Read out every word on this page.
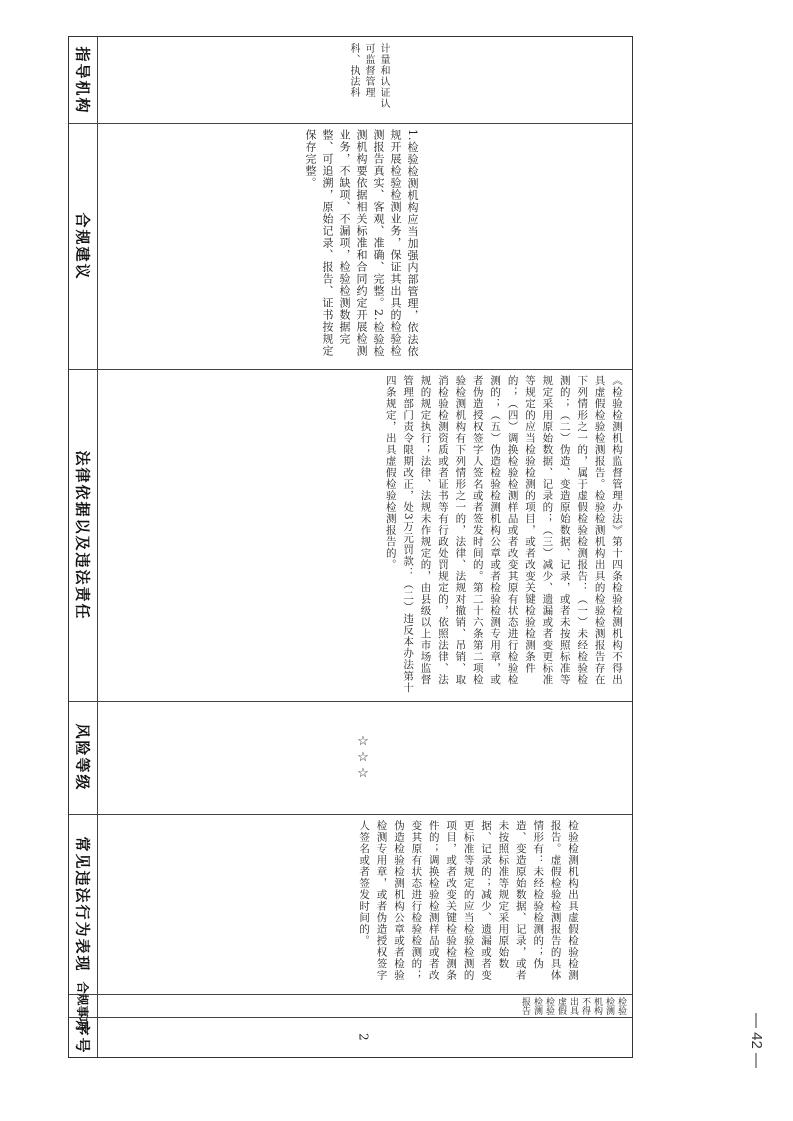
指导机构
合规建议
法律依据以及违法责任
风险等级
常见违法行为表现
合规事项
序号
计量和认证认可监督管理科、执法科
1.检验检测机构应当加强内部管理，依法依规开展检验检测业务，保证其出具的检验检测报告真实、客观、准确、完整。2.检验检测机构要依据相关标准和合同约定开展检测业务，不缺项、不漏项，检验检测数据完整、可追溯，原始记录、报告、证书按规定保存完整。
《检验检测机构监督管理办法》第十四条检验检测机构不得出具虚假检验检测报告。检验检测机构出具的检验检测报告存在下列情形之一的，属于虚假检验检测报告：（一）未经检验检测的；（二）伪造、变造原始数据、记录，或者未按照标准等规定采用原始数据、记录的；（三）减少、遗漏或者变更标准等规定的应当检验检测的项目，或者改变关键检验检测条件的；（四）调换检验检测样品或者改变其原有状态进行检验检测的；（五）伪造检验检测机构公章或者检验检测专用章，或者伪造授权签字人签名或者签发时间的。第二十六条第二项检验检测机构有下列情形之一的，法律、法规对撤销、吊销、取消检验检测资质或者证书等有行政处罚规定的，依照法律、法规的规定执行；法律、法规未作规定的，由县级以上市场监督管理部门责令限期改正，处3万元罚款：（二）违反本办法第十四条规定，出具虚假检验检测报告的。
☆☆☆
检验检测机构出具虚假检验检测报告。虚假检验检测报告的具体情形有：未经检验检测的；伪造、变造原始数据、记录，或者未按照标准等规定采用原始数据、记录的；减少、遗漏或者变更标准等规定的应当检验检测的项目，或者改变关键检验检测条件的；调换检验检测样品或者改变其原有状态进行检验检测的；伪造检验检测机构公章或者检验检测专用章，或者伪造授权签字人签名或者签发时间的。
检验检测机构不得出具虚假检验检测报告
2	— 42 —
